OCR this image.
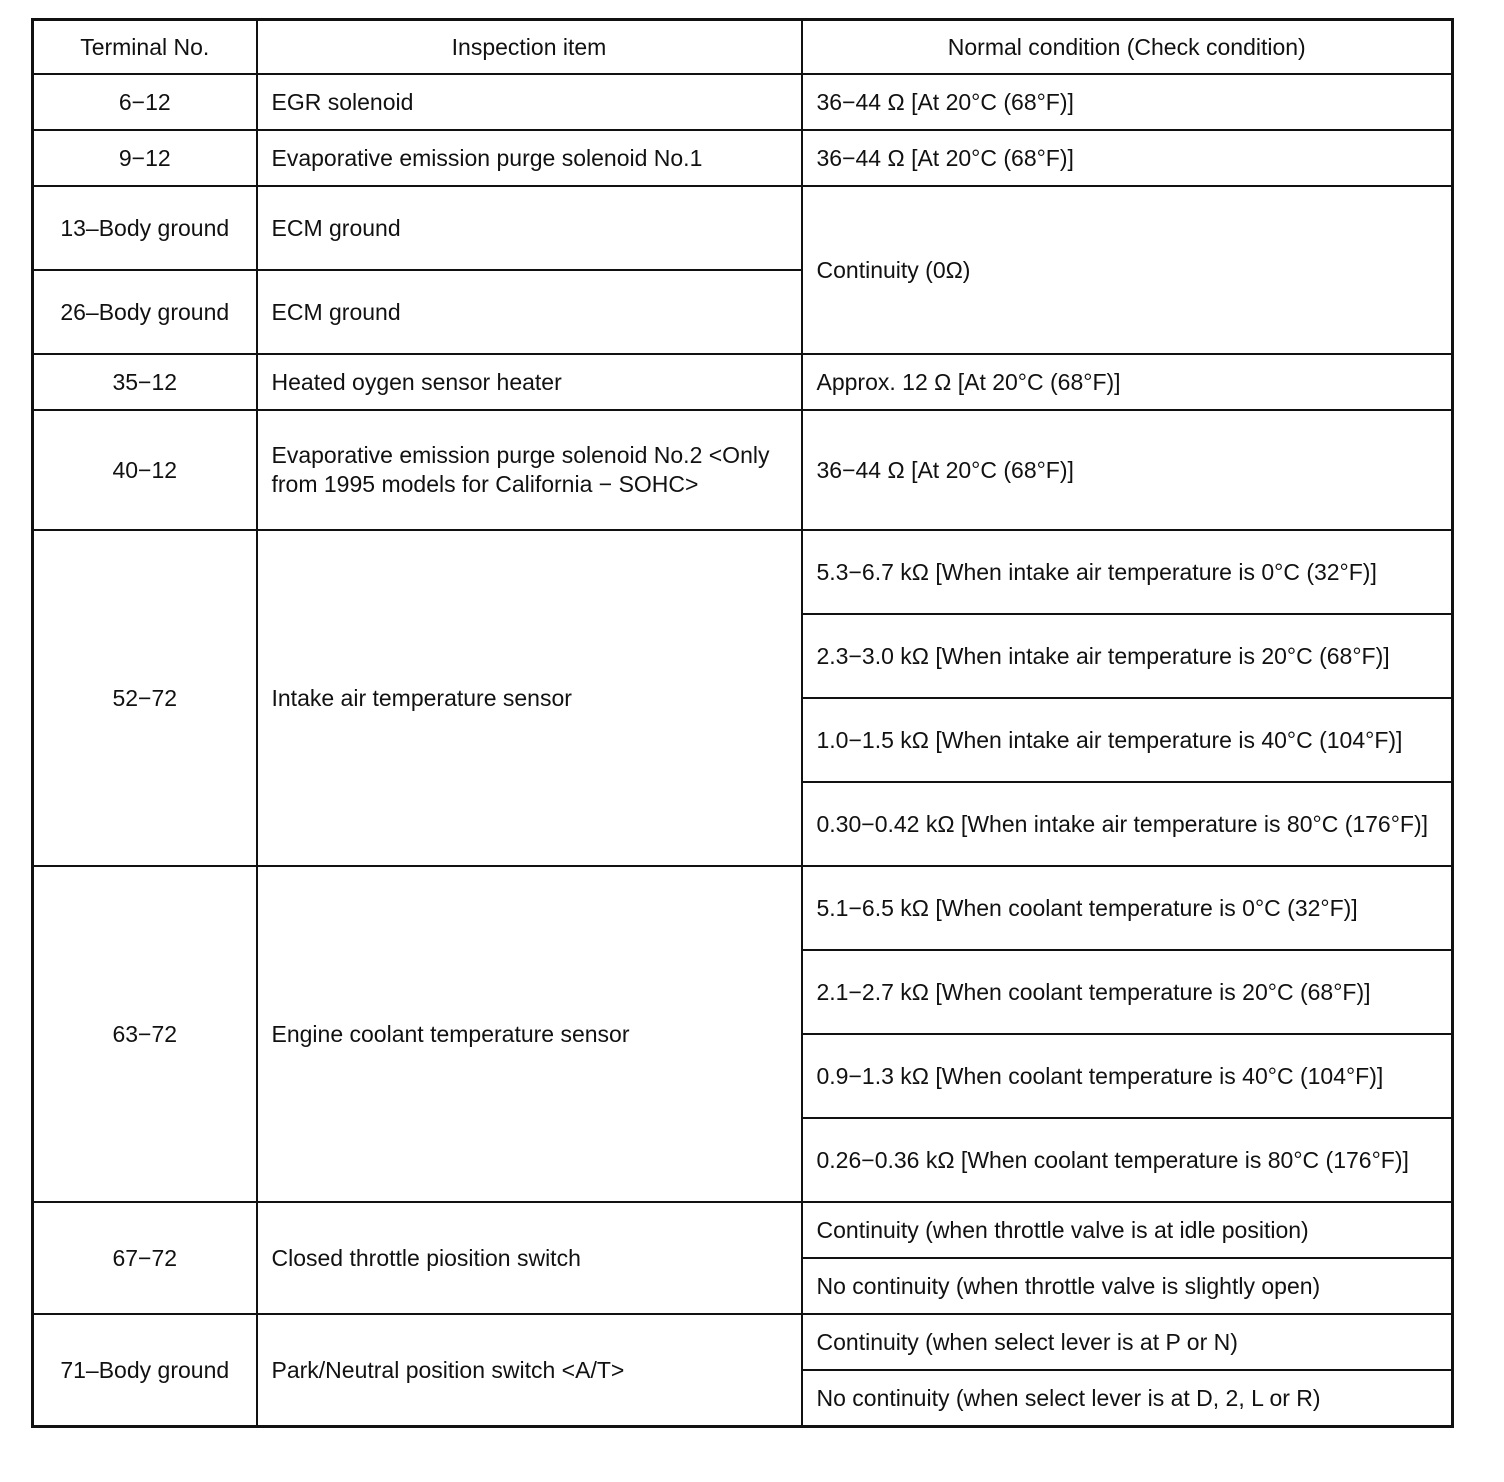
Terminal No.	Inspection item	Normal condition (Check condition)
6−12	EGR solenoid	36−44 Ω [At 20°C (68°F)]
9−12	Evaporative emission purge solenoid No.1	36−44 Ω [At 20°C (68°F)]
13–Body ground	ECM ground	Continuity (0Ω)
26–Body ground	ECM ground	
35−12	Heated oygen sensor heater	Approx. 12 Ω [At 20°C (68°F)]
40−12	Evaporative emission purge solenoid No.2 <Only from 1995 models for California − SOHC>	36−44 Ω [At 20°C (68°F)]
52−72	Intake air temperature sensor	5.3−6.7 kΩ [When intake air temperature is 0°C (32°F)]
		2.3−3.0 kΩ [When intake air temperature is 20°C (68°F)]
		1.0−1.5 kΩ [When intake air temperature is 40°C (104°F)]
		0.30−0.42 kΩ [When intake air temperature is 80°C (176°F)]
63−72	Engine coolant temperature sensor	5.1−6.5 kΩ [When coolant temperature is 0°C (32°F)]
		2.1−2.7 kΩ [When coolant temperature is 20°C (68°F)]
		0.9−1.3 kΩ [When coolant temperature is 40°C (104°F)]
		0.26−0.36 kΩ [When coolant temperature is 80°C (176°F)]
67−72	Closed throttle piosition switch	Continuity (when throttle valve is at idle position)
		No continuity (when throttle valve is slightly open)
71–Body ground	Park/Neutral position switch <A/T>	Continuity (when select lever is at P or N)
		No continuity (when select lever is at D, 2, L or R)
